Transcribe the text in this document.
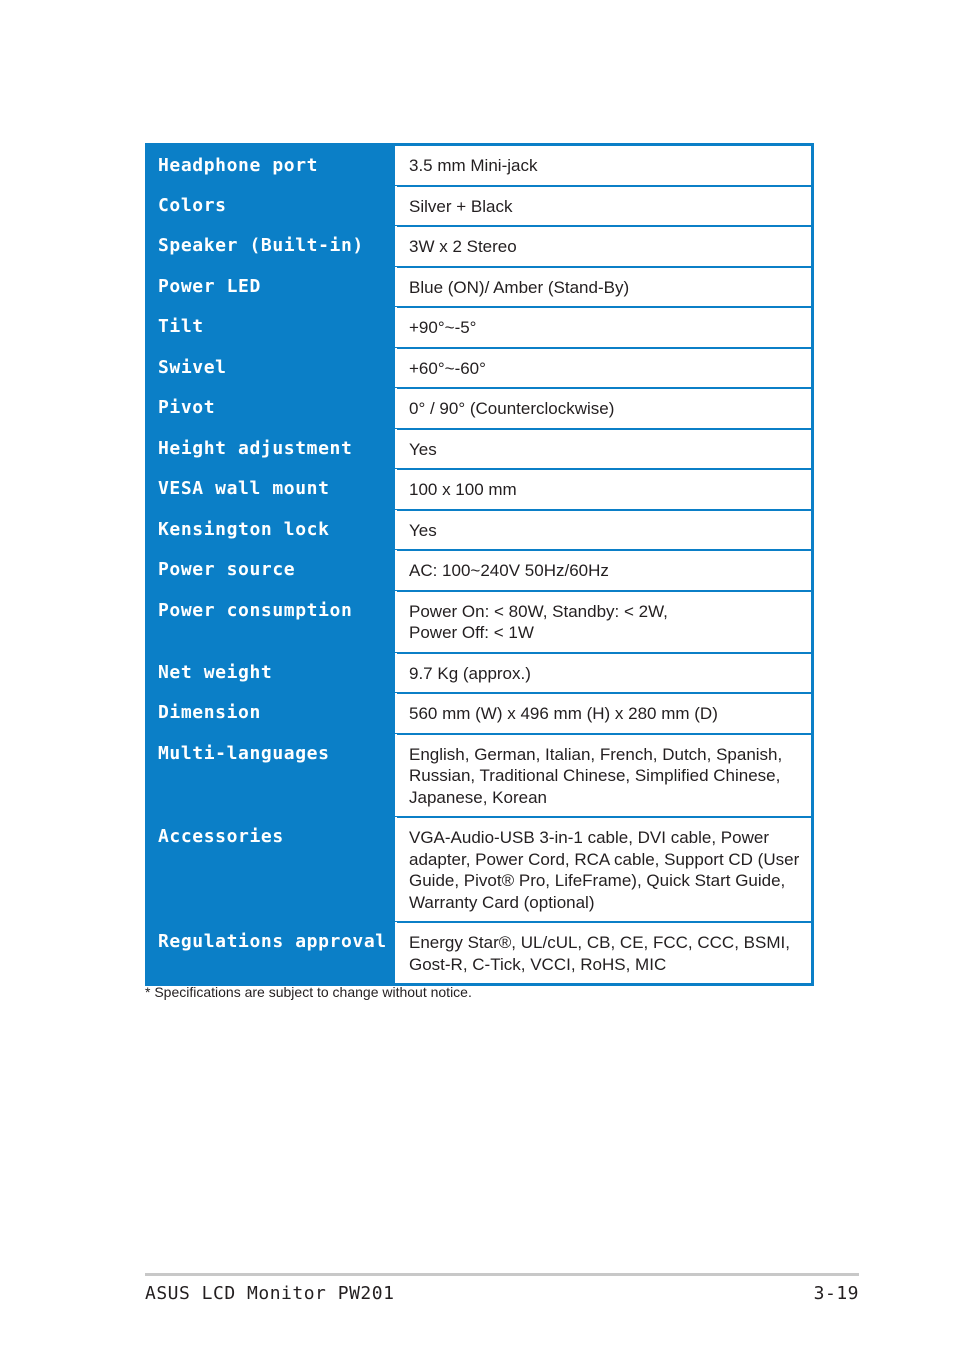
Headphone port	3.5 mm Mini-jack
Colors	Silver + Black
Speaker (Built-in)	3W x 2 Stereo
Power LED	Blue (ON)/ Amber (Stand-By)
Tilt	+90°~-5°
Swivel	+60°~-60°
Pivot	0° / 90° (Counterclockwise)
Height adjustment	Yes
VESA wall mount	100 x 100 mm
Kensington lock	Yes
Power source	AC: 100~240V 50Hz/60Hz
Power consumption	Power On: < 80W, Standby: < 2W,
Power Off: < 1W
Net weight	9.7 Kg (approx.)
Dimension	560 mm (W) x 496 mm (H) x 280 mm (D)
Multi-languages	English, German, Italian, French, Dutch, Spanish, Russian, Traditional Chinese, Simplified Chinese, Japanese, Korean
Accessories	VGA-Audio-USB 3-in-1 cable, DVI cable, Power adapter, Power Cord, RCA cable, Support CD (User Guide, Pivot® Pro, LifeFrame), Quick Start Guide, Warranty Card (optional)
Regulations approval	Energy Star®, UL/cUL, CB, CE, FCC, CCC, BSMI, Gost-R, C-Tick, VCCI, RoHS, MIC
* Specifications are subject to change without notice.
ASUS LCD Monitor PW201	3-19
